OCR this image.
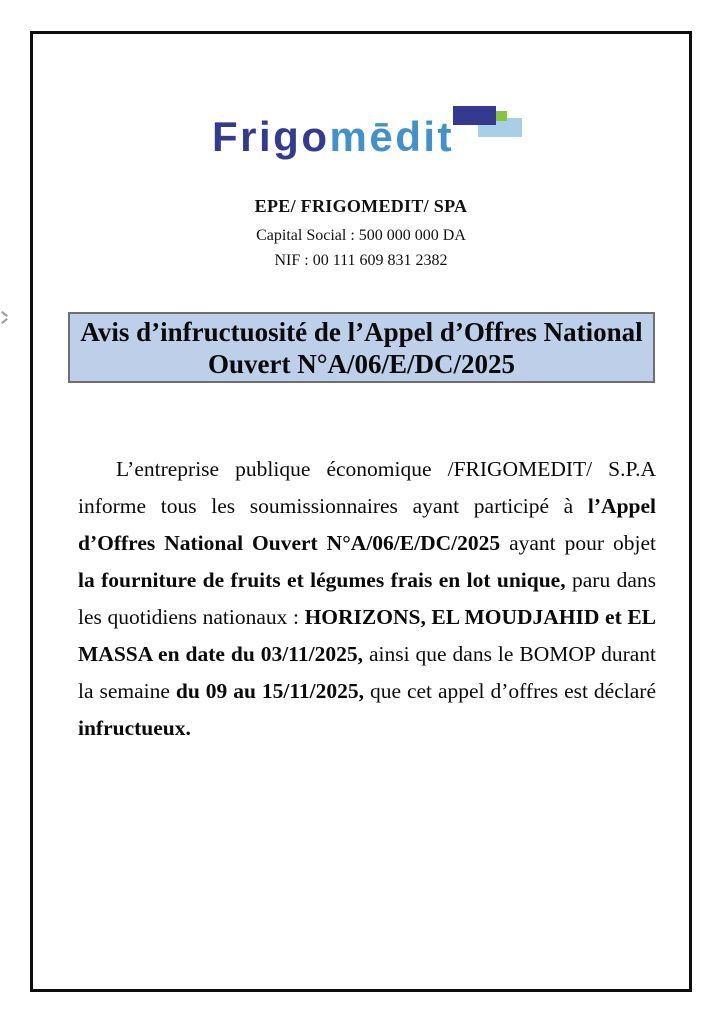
Frigomēdit
EPE/ FRIGOMEDIT/ SPA
Capital Social : 500 000 000 DA
NIF : 00 111 609 831 2382
Avis d’infructuosité de l’Appel d’Offres National
Ouvert N°A/06/E/DC/2025

L’entreprise publique économique /FRIGOMEDIT/ S.P.A informe tous les soumissionnaires ayant participé à l’Appel d’Offres National Ouvert N°A/06/E/DC/2025 ayant pour objet la fourniture de fruits et légumes frais en lot unique, paru dans les quotidiens nationaux : HORIZONS, EL MOUDJAHID et EL MASSA en date du 03/11/2025, ainsi que dans le BOMOP durant la semaine du 09 au 15/11/2025, que cet appel d’offres est déclaré infructueux.
